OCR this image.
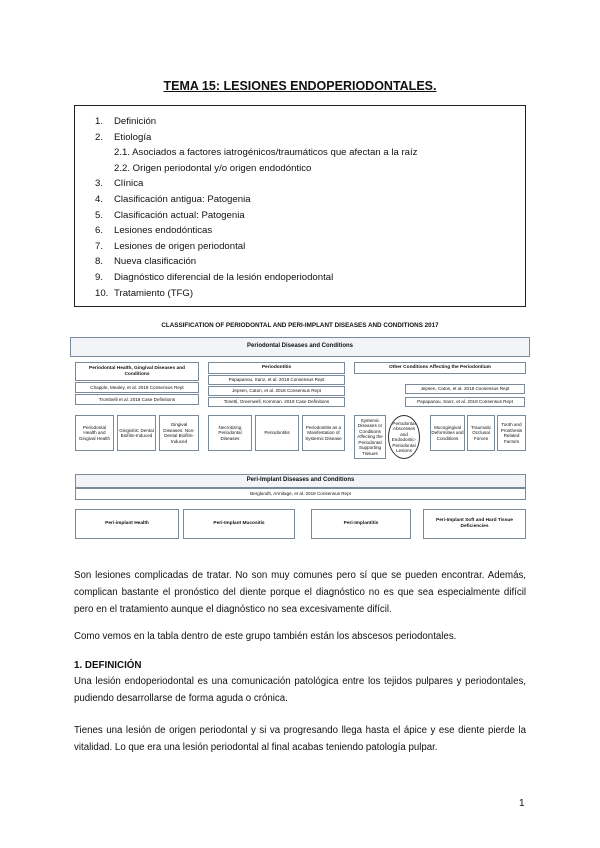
TEMA 15: LESIONES ENDOPERIODONTALES.
1. Definición
2. Etiología
2.1. Asociados a factores iatrogénicos/traumáticos que afectan a la raíz
2.2. Origen periodontal y/o origen endodóntico
3. Clínica
4. Clasificación antigua: Patogenia
5. Clasificación actual: Patogenia
6. Lesiones endodónticas
7. Lesiones de origen periodontal
8. Nueva clasificación
9. Diagnóstico diferencial de la lesión endoperiodontal
10. Tratamiento (TFG)
CLASSIFICATION OF PERIODONTAL AND PERI-IMPLANT DISEASES AND CONDITIONS 2017
Periodontal Diseases and Conditions
Periodontal Health, Gingival Diseases and Conditions
Chapple, Mealey, et al. 2018 Consensus Rept
Trombelli et al. 2018 Case Definitions
Periodontal Health and Gingival Health
Gingivitis: Dental Biofilm-Induced
Gingival Diseases: Non-Dental Biofilm-Induced
Periodontitis
Papapanou, Sanz, et al. 2018 Consensus Rept
Jepsen, Caton, et al. 2018 Consensus Rept
Tonetti, Greenwell, Kornman. 2018 Case Definitions
Necrotizing Periodontal Diseases
Periodontitis
Periodontitis as a Manifestation of Systemic Disease
Other Conditions Affecting the Periodontium
Jepsen, Caton, et al. 2018 Consensus Rept
Papapanou, Sanz, et al. 2018 Consensus Rept
Systemic Diseases or Conditions Affecting the Periodontal Supporting Tissues
Periodontal Abscesses and Endodontic-Periodontal Lesions
Mucogingival Deformities and Conditions
Traumatic Occlusal Forces
Tooth and Prosthesis Related Factors
Peri-Implant Diseases and Conditions
Berglundh, Armitage, et al. 2018 Consensus Rept
Peri-implant Health	Peri-Implant Mucositis	Peri-Implantitis
Peri-Implant Soft and Hard Tissue Deficiencies
Son lesiones complicadas de tratar. No son muy comunes pero sí que se pueden encontrar. Además, complican bastante el pronóstico del diente porque el diagnóstico no es que sea especialmente difícil pero en el tratamiento aunque el diagnóstico no sea excesivamente difícil.
Como vemos en la tabla dentro de este grupo también están los abscesos periodontales.
1. DEFINICIÓN
Una lesión endoperiodontal es una comunicación patológica entre los tejidos pulpares y periodontales, pudiendo desarrollarse de forma aguda o crónica.
Tienes una lesión de origen periodontal y si va progresando llega hasta el ápice y ese diente pierde la vitalidad. Lo que era una lesión periodontal al final acabas teniendo patología pulpar.
1
